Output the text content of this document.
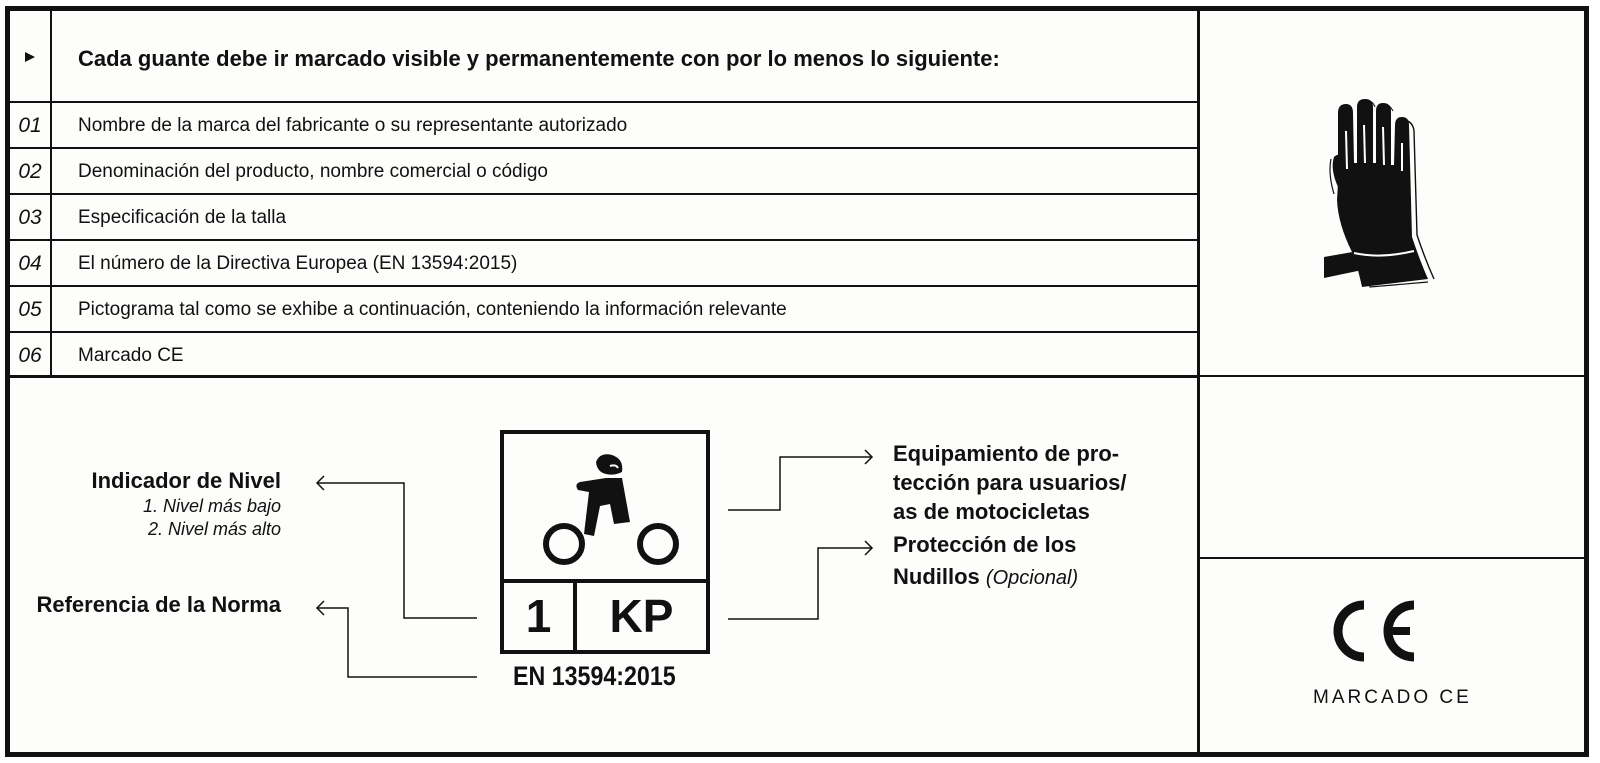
Cada guante debe ir marcado visible y permanentemente con por lo menos lo siguiente:
01	Nombre de la marca del fabricante o su representante autorizado
02	Denominación del producto, nombre comercial o código
03	Especificación de la talla
04	El número de la Directiva Europea (EN 13594:2015)
05	Pictograma tal como se exhibe a continuación, conteniendo la información relevante
06	Marcado CE
MARCADO CE
Indicador de Nivel
1. Nivel más bajo
2. Nivel más alto
Referencia de la Norma	1	KP
EN 13594:2015
Equipamiento de pro-
tección para usuarios/
as de motocicletas
Protección de los
Nudillos (Opcional)
